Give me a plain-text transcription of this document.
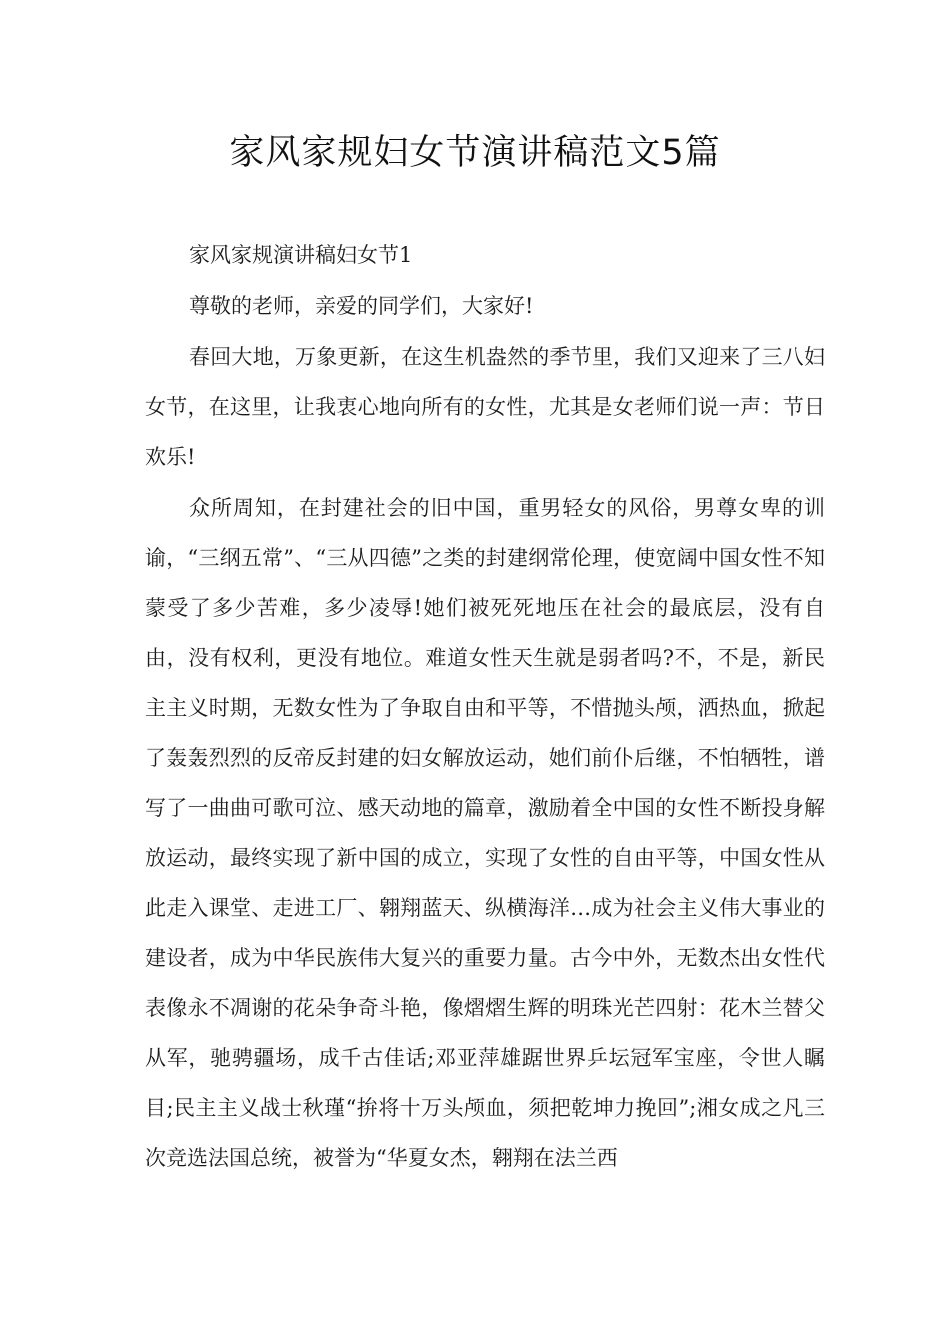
家风家规妇女节演讲稿范文5篇

家风家规演讲稿妇女节1

尊敬的老师，亲爱的同学们，大家好!

春回大地，万象更新，在这生机盎然的季节里，我们又迎来了三八妇女节，在这里，让我衷心地向所有的女性，尤其是女老师们说一声：节日欢乐!

众所周知，在封建社会的旧中国，重男轻女的风俗，男尊女卑的训谕，“三纲五常”、“三从四德”之类的封建纲常伦理，使宽阔中国女性不知蒙受了多少苦难，多少凌辱!她们被死死地压在社会的最底层，没有自由，没有权利，更没有地位。难道女性天生就是弱者吗?不，不是，新民主主义时期，无数女性为了争取自由和平等，不惜抛头颅，洒热血，掀起了轰轰烈烈的反帝反封建的妇女解放运动，她们前仆后继，不怕牺牲，谱写了一曲曲可歌可泣、感天动地的篇章，激励着全中国的女性不断投身解放运动，最终实现了新中国的成立，实现了女性的自由平等，中国女性从此走入课堂、走进工厂、翱翔蓝天、纵横海洋…成为社会主义伟大事业的建设者，成为中华民族伟大复兴的重要力量。古今中外，无数杰出女性代表像永不凋谢的花朵争奇斗艳，像熠熠生辉的明珠光芒四射：花木兰替父从军，驰骋疆场，成千古佳话;邓亚萍雄踞世界乒坛冠军宝座，令世人瞩目;民主主义战士秋瑾“拚将十万头颅血，须把乾坤力挽回”;湘女成之凡三次竞选法国总统，被誉为“华夏女杰，翱翔在法兰西
